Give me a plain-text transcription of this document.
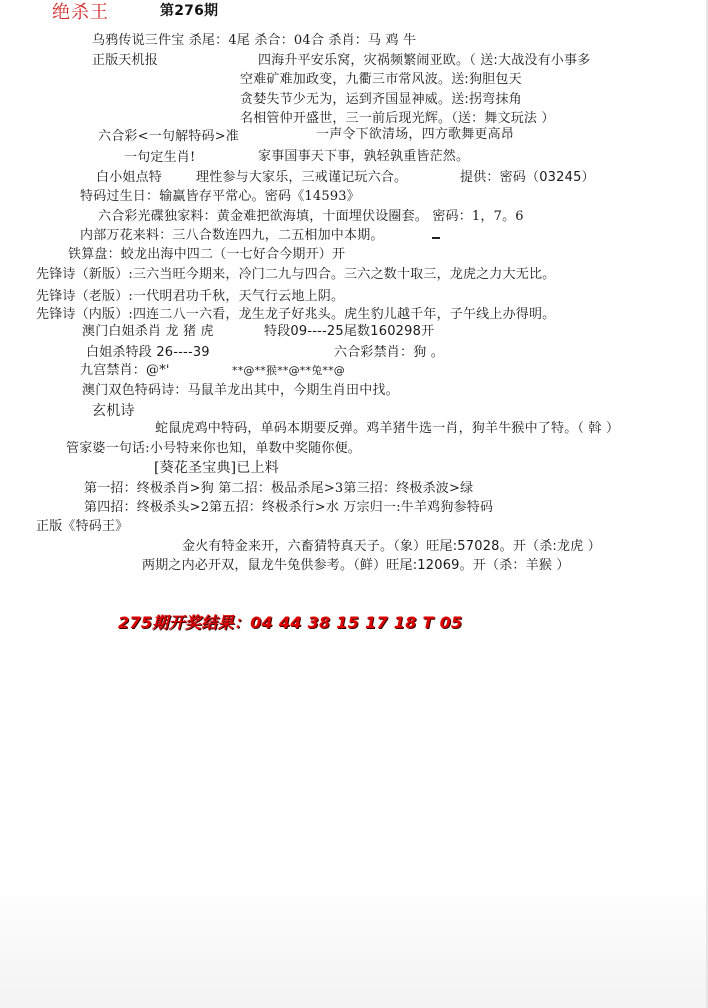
绝杀王	第276期
乌鸦传说三件宝 杀尾：4尾 杀合：04合 杀肖：马 鸡 牛
正版天机报	四海升平安乐窝，灾祸频繁闹亚欧。（ 送:大战没有小事多
空难矿难加政变，九衢三市常风波。送:狗胆包天
贪婪失节少无为，运到齐国显神威。送:拐弯抹角
名相管仲开盛世，三一前后现光辉。（送：舞文玩法 ）
六合彩<一句解特码>准	一声令下欲清场，四方歌舞更高昂
一句定生肖!	家事国事天下事，孰轻孰重皆茫然。
白小姐点特	理性参与大家乐，三戒谨记玩六合。	提供：密码（03245）
特码过生日：输赢皆存平常心。密码《14593》
六合彩光碟独家料：黄金难把欲海填，十面埋伏设圈套。 密码：1，7。6
内部万花来料：三八合数连四九，二五相加中本期。
铁算盘：蛟龙出海中四二（一七好合今期开）开
先锋诗（新版）:三六当旺今期来，冷门二九与四合。三六之数十取三，龙虎之力大无比。
先锋诗（老版）:一代明君功千秋，天气行云地上阴。
先锋诗（内版）:四连二八一六看，龙生龙子好兆头。虎生豹儿越千年，子午线上办得明。
澳门白姐杀肖 龙 猪 虎	特段09----25尾数160298开
白姐杀特段 26----39	六合彩禁肖：狗 。
九宫禁肖：@*'	**@**猴**@**兔**@
澳门双色特码诗：马鼠羊龙出其中，今期生肖田中找。
玄机诗
蛇鼠虎鸡中特码，单码本期要反弹。鸡羊猪牛选一肖，狗羊牛猴中了特。（ 斡 ）
管家婆一句话:小号特来你也知，单数中奖随你便。
[葵花圣宝典]已上料
第一招：终极杀肖>狗 第二招：极品杀尾>3第三招：终极杀波>绿
第四招：终极杀头>2第五招：终极杀行>水 万宗归一:牛羊鸡狗参特码
正版《特码王》
金火有特金来开，六畜猜特真天子。（象）旺尾:57028。开（杀:龙虎 ）
两期之内必开双，鼠龙牛兔供参考。（鲜）旺尾:12069。开（杀：羊猴 ）
275期开奖结果：04 44 38 15 17 18 T 05
